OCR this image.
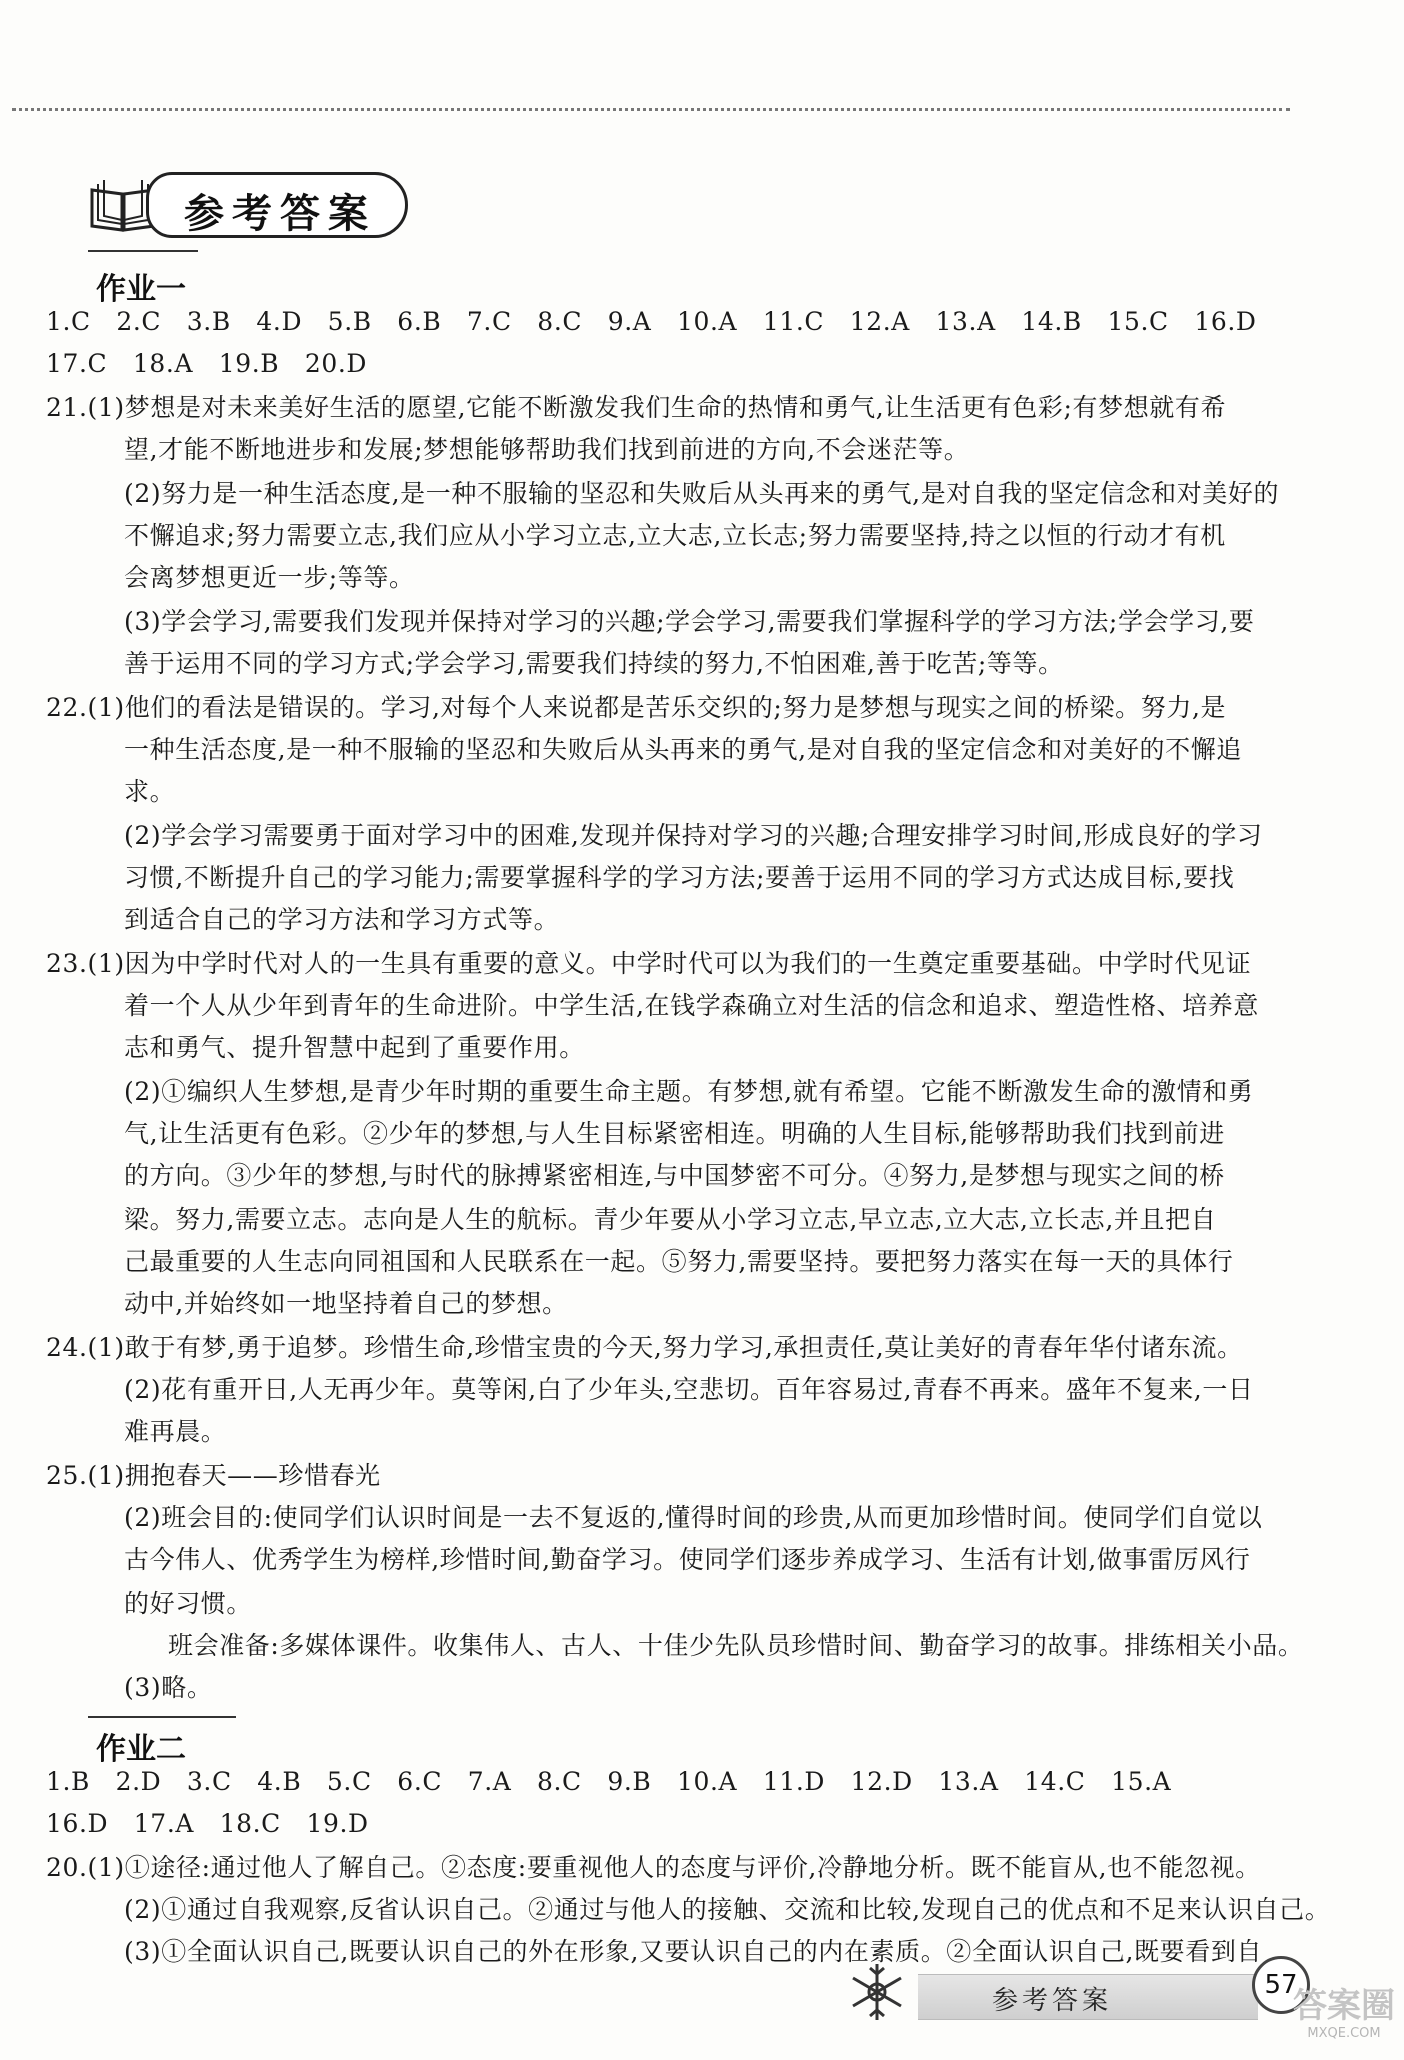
参考答案
作业一
1.C　2.C　3.B　4.D　5.B　6.B　7.C　8.C　9.A　10.A　11.C　12.A　13.A　14.B　15.C　16.D
17.C　18.A　19.B　20.D
21.(1)梦想是对未来美好生活的愿望,它能不断激发我们生命的热情和勇气,让生活更有色彩;有梦想就有希
望,才能不断地进步和发展;梦想能够帮助我们找到前进的方向,不会迷茫等。
(2)努力是一种生活态度,是一种不服输的坚忍和失败后从头再来的勇气,是对自我的坚定信念和对美好的
不懈追求;努力需要立志,我们应从小学习立志,立大志,立长志;努力需要坚持,持之以恒的行动才有机
会离梦想更近一步;等等。
(3)学会学习,需要我们发现并保持对学习的兴趣;学会学习,需要我们掌握科学的学习方法;学会学习,要
善于运用不同的学习方式;学会学习,需要我们持续的努力,不怕困难,善于吃苦;等等。
22.(1)他们的看法是错误的。学习,对每个人来说都是苦乐交织的;努力是梦想与现实之间的桥梁。努力,是
一种生活态度,是一种不服输的坚忍和失败后从头再来的勇气,是对自我的坚定信念和对美好的不懈追
求。
(2)学会学习需要勇于面对学习中的困难,发现并保持对学习的兴趣;合理安排学习时间,形成良好的学习
习惯,不断提升自己的学习能力;需要掌握科学的学习方法;要善于运用不同的学习方式达成目标,要找
到适合自己的学习方法和学习方式等。
23.(1)因为中学时代对人的一生具有重要的意义。中学时代可以为我们的一生奠定重要基础。中学时代见证
着一个人从少年到青年的生命进阶。中学生活,在钱学森确立对生活的信念和追求、塑造性格、培养意
志和勇气、提升智慧中起到了重要作用。
(2)①编织人生梦想,是青少年时期的重要生命主题。有梦想,就有希望。它能不断激发生命的激情和勇
气,让生活更有色彩。②少年的梦想,与人生目标紧密相连。明确的人生目标,能够帮助我们找到前进
的方向。③少年的梦想,与时代的脉搏紧密相连,与中国梦密不可分。④努力,是梦想与现实之间的桥
梁。努力,需要立志。志向是人生的航标。青少年要从小学习立志,早立志,立大志,立长志,并且把自
己最重要的人生志向同祖国和人民联系在一起。⑤努力,需要坚持。要把努力落实在每一天的具体行
动中,并始终如一地坚持着自己的梦想。
24.(1)敢于有梦,勇于追梦。珍惜生命,珍惜宝贵的今天,努力学习,承担责任,莫让美好的青春年华付诸东流。
(2)花有重开日,人无再少年。莫等闲,白了少年头,空悲切。百年容易过,青春不再来。盛年不复来,一日
难再晨。
25.(1)拥抱春天——珍惜春光
(2)班会目的:使同学们认识时间是一去不复返的,懂得时间的珍贵,从而更加珍惜时间。使同学们自觉以
古今伟人、优秀学生为榜样,珍惜时间,勤奋学习。使同学们逐步养成学习、生活有计划,做事雷厉风行
的好习惯。
班会准备:多媒体课件。收集伟人、古人、十佳少先队员珍惜时间、勤奋学习的故事。排练相关小品。
(3)略。
作业二
1.B　2.D　3.C　4.B　5.C　6.C　7.A　8.C　9.B　10.A　11.D　12.D　13.A　14.C　15.A
16.D　17.A　18.C　19.D
20.(1)①途径:通过他人了解自己。②态度:要重视他人的态度与评价,冷静地分析。既不能盲从,也不能忽视。
(2)①通过自我观察,反省认识自己。②通过与他人的接触、交流和比较,发现自己的优点和不足来认识自己。
(3)①全面认识自己,既要认识自己的外在形象,又要认识自己的内在素质。②全面认识自己,既要看到自
参考答案
57
答案圈
MXQE.COM
